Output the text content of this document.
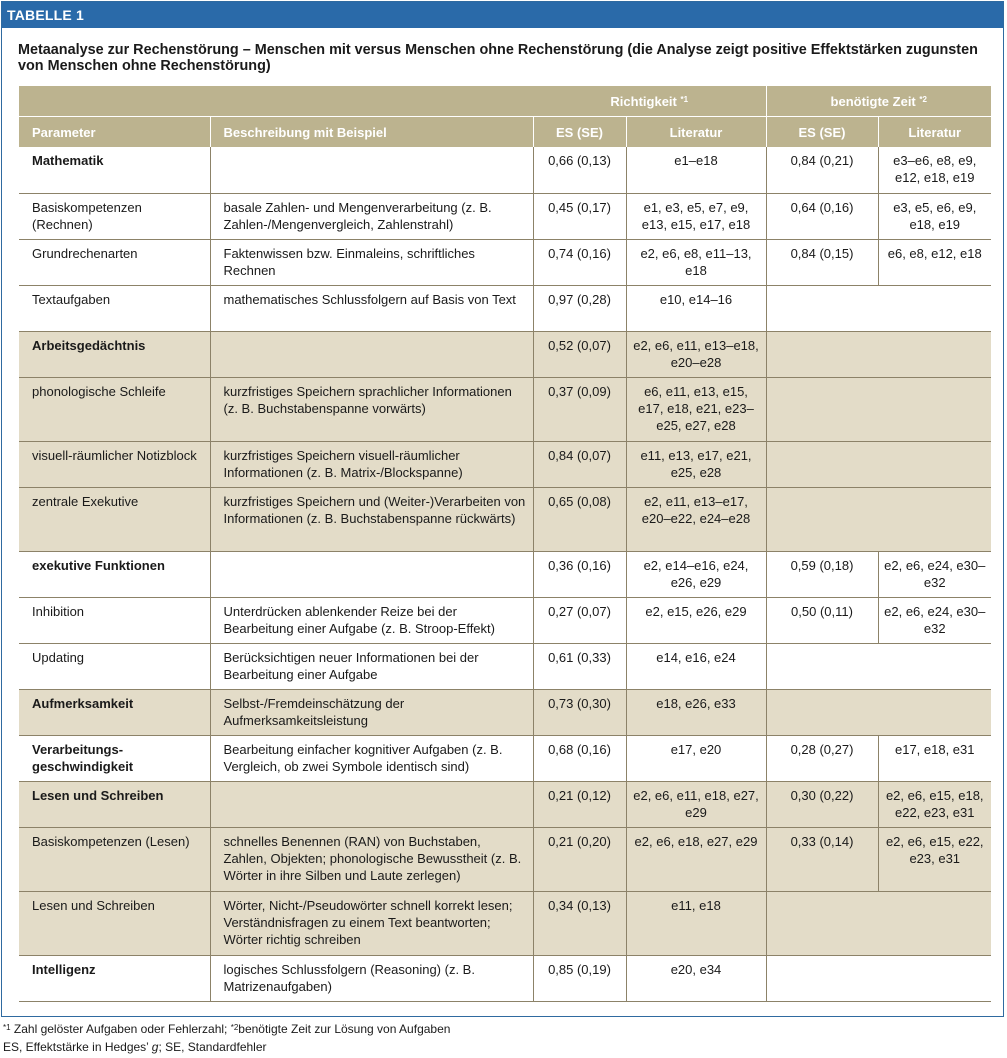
TABELLE 1
Metaanalyse zur Rechenstörung – Menschen mit versus Menschen ohne Rechenstörung (die Analyse zeigt positive Effektstärken zugunsten von Menschen ohne Rechenstörung)
		Richtigkeit $^{*1}$		benötigte Zeit $^{*2}$
Parameter	Beschreibung mit Beispiel	ES (SE)	Literatur	ES (SE)	Literatur
Mathematik		0,66 (0,13)	e1–e18	0,84 (0,21)	e3–e6, e8, e9, e12, e18, e19
Basiskompetenzen (Rechnen)	basale Zahlen- und Mengenverarbeitung (z. B. Zahlen-/Mengenvergleich, Zahlenstrahl)	0,45 (0,17)	e1, e3, e5, e7, e9, e13, e15, e17, e18	0,64 (0,16)	e3, e5, e6, e9, e18, e19
Grundrechenarten	Faktenwissen bzw. Einmaleins, schriftliches Rechnen	0,74 (0,16)	e2, e6, e8, e11–13, e18	0,84 (0,15)	e6, e8, e12, e18
Textaufgaben	mathematisches Schlussfolgern auf Basis von Text	0,97 (0,28)	e10, e14–16		
Arbeitsgedächtnis		0,52 (0,07)	e2, e6, e11, e13–e18, e20–e28		
phonologische Schleife	kurzfristiges Speichern sprachlicher Informationen (z. B. Buchstabenspanne vorwärts)	0,37 (0,09)	e6, e11, e13, e15, e17, e18, e21, e23–e25, e27, e28		
visuell-räumlicher Notizblock	kurzfristiges Speichern visuell-räumlicher Informationen (z. B. Matrix-/Blockspanne)	0,84 (0,07)	e11, e13, e17, e21, e25, e28		
zentrale Exekutive	kurzfristiges Speichern und (Weiter-)Verarbeiten von Informationen (z. B. Buchstabenspanne rückwärts)	0,65 (0,08)	e2, e11, e13–e17, e20–e22, e24–e28		
exekutive Funktionen		0,36 (0,16)	e2, e14–e16, e24, e26, e29	0,59 (0,18)	e2, e6, e24, e30–e32
Inhibition	Unterdrücken ablenkender Reize bei der Bearbeitung einer Aufgabe (z. B. Stroop-Effekt)	0,27 (0,07)	e2, e15, e26, e29	0,50 (0,11)	e2, e6, e24, e30–e32
Updating	Berücksichtigen neuer Informationen bei der Bearbeitung einer Aufgabe	0,61 (0,33)	e14, e16, e24		
Aufmerksamkeit	Selbst-/Fremdeinschätzung der Aufmerksamkeitsleistung	0,73 (0,30)	e18, e26, e33		
Verarbeitungs-geschwindigkeit	Bearbeitung einfacher kognitiver Aufgaben (z. B. Vergleich, ob zwei Symbole identisch sind)	0,68 (0,16)	e17, e20	0,28 (0,27)	e17, e18, e31
Lesen und Schreiben		0,21 (0,12)	e2, e6, e11, e18, e27, e29	0,30 (0,22)	e2, e6, e15, e18, e22, e23, e31
Basiskompetenzen (Lesen)	schnelles Benennen (RAN) von Buchstaben, Zahlen, Objekten; phonologische Bewusstheit (z. B. Wörter in ihre Silben und Laute zerlegen)	0,21 (0,20)	e2, e6, e18, e27, e29	0,33 (0,14)	e2, e6, e15, e22, e23, e31
Lesen und Schreiben	Wörter, Nicht-/Pseudowörter schnell korrekt lesen; Verständnisfragen zu einem Text beantworten; Wörter richtig schreiben	0,34 (0,13)	e11, e18		
Intelligenz	logisches Schlussfolgern (Reasoning) (z. B. Matrizenaufgaben)	0,85 (0,19)	e20, e34		
$^{*1}$ Zahl gelöster Aufgaben oder Fehlerzahl; $^{*2}$benötigte Zeit zur Lösung von Aufgaben
ES, Effektstärke in Hedges’ g; SE, Standardfehler
